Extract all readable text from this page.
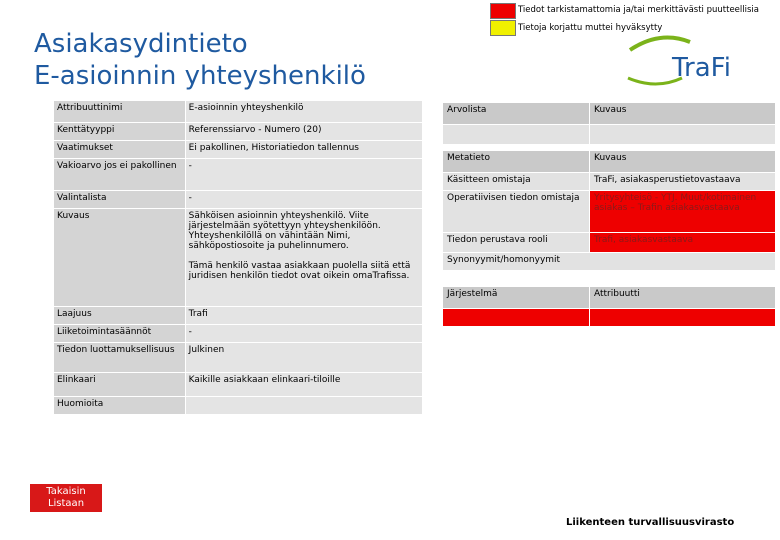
Tiedot tarkistamattomia ja/tai merkittävästi puutteellisia
Tietoja korjattu muttei hyväksytty
Asiakasydintieto
E-asioinnin yhteyshenkilö	TraFi
Attribuuttinimi	E-asioinnin yhteyshenkilö
Kenttätyyppi	Referenssiarvo - Numero (20)
Vaatimukset	Ei pakollinen, Historiatiedon tallennus
Vakioarvo jos ei pakollinen	-
Valintalista	-
Kuvaus	Sähköisen asioinnin yhteyshenkilö. Viite järjestelmään syötettyyn yhteyshenkilöön. Yhteyshenkilöllä on vähintään Nimi, sähköpostiosoite ja puhelinnumero.
Tämä henkilö vastaa asiakkaan puolella siitä että juridisen henkilön tiedot ovat oikein omaTrafissa.

Laajuus	Trafi
Liiketoimintasäännöt	-
Tiedon luottamuksellisuus	Julkinen
Elinkaari	Kaikille asiakkaan elinkaari-tiloille
Huomioita	
Arvolista	Kuvaus

Metatieto	Kuvaus
Käsitteen omistaja	TraFi, asiakasperustietovastaava
Operatiivisen tiedon omistaja	Yritysyhteisö - YTJ. Muut/kotimainen asiakas – Trafin asiakasvastaava
Tiedon perustava rooli	Trafi, asiakasvastaava
Synonyymit/homonyymit	
Järjestelmä	Attribuutti

Takaisin
Listaan
Liikenteen turvallisuusvirasto
